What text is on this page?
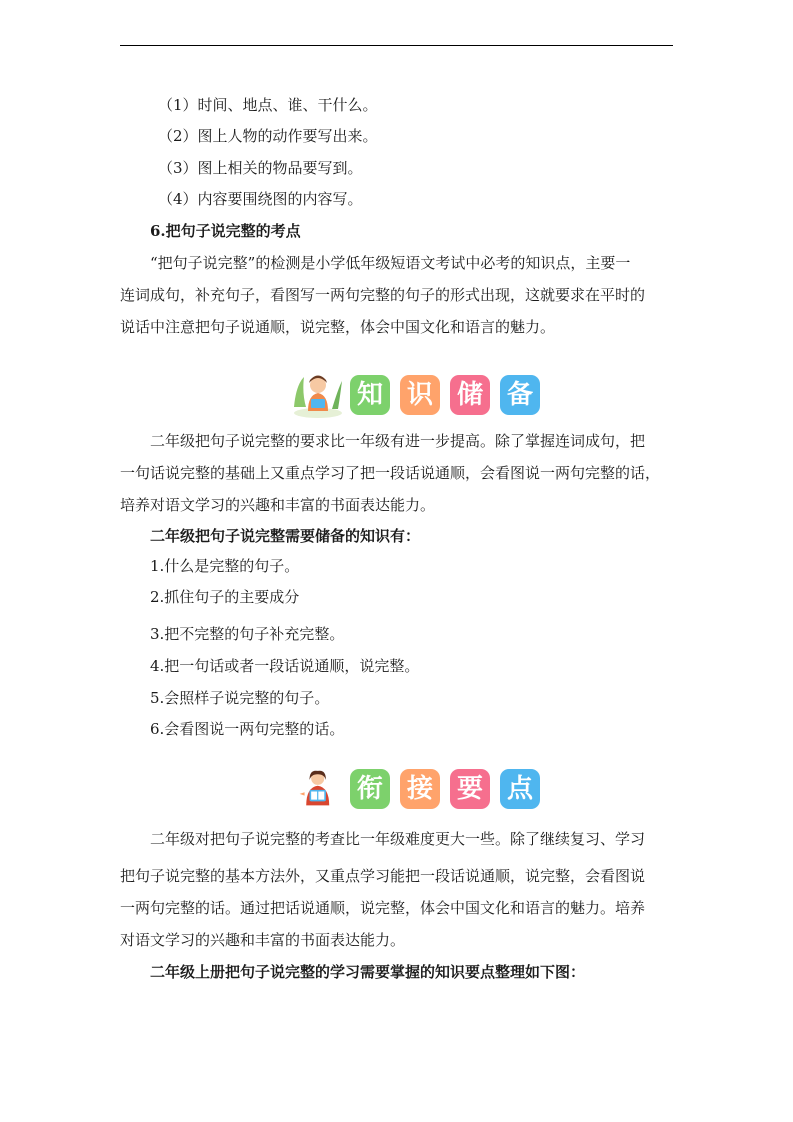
（1）时间、地点、谁、干什么。
（2）图上人物的动作要写出来。
（3）图上相关的物品要写到。
（4）内容要围绕图的内容写。
6.把句子说完整的考点
“把句子说完整”的检测是小学低年级短语文考试中必考的知识点，主要一
连词成句，补充句子，看图写一两句完整的句子的形式出现，这就要求在平时的
说话中注意把句子说通顺，说完整，体会中国文化和语言的魅力。
知 识 储 备
二年级把句子说完整的要求比一年级有进一步提高。除了掌握连词成句，把
一句话说完整的基础上又重点学习了把一段话说通顺，会看图说一两句完整的话，
培养对语文学习的兴趣和丰富的书面表达能力。
二年级把句子说完整需要储备的知识有：
1.什么是完整的句子。
2.抓住句子的主要成分
3.把不完整的句子补充完整。
4.把一句话或者一段话说通顺，说完整。
5.会照样子说完整的句子。
6.会看图说一两句完整的话。
衔 接 要 点
二年级对把句子说完整的考查比一年级难度更大一些。除了继续复习、学习
把句子说完整的基本方法外，又重点学习能把一段话说通顺，说完整，会看图说
一两句完整的话。通过把话说通顺，说完整，体会中国文化和语言的魅力。培养
对语文学习的兴趣和丰富的书面表达能力。
二年级上册把句子说完整的学习需要掌握的知识要点整理如下图：
